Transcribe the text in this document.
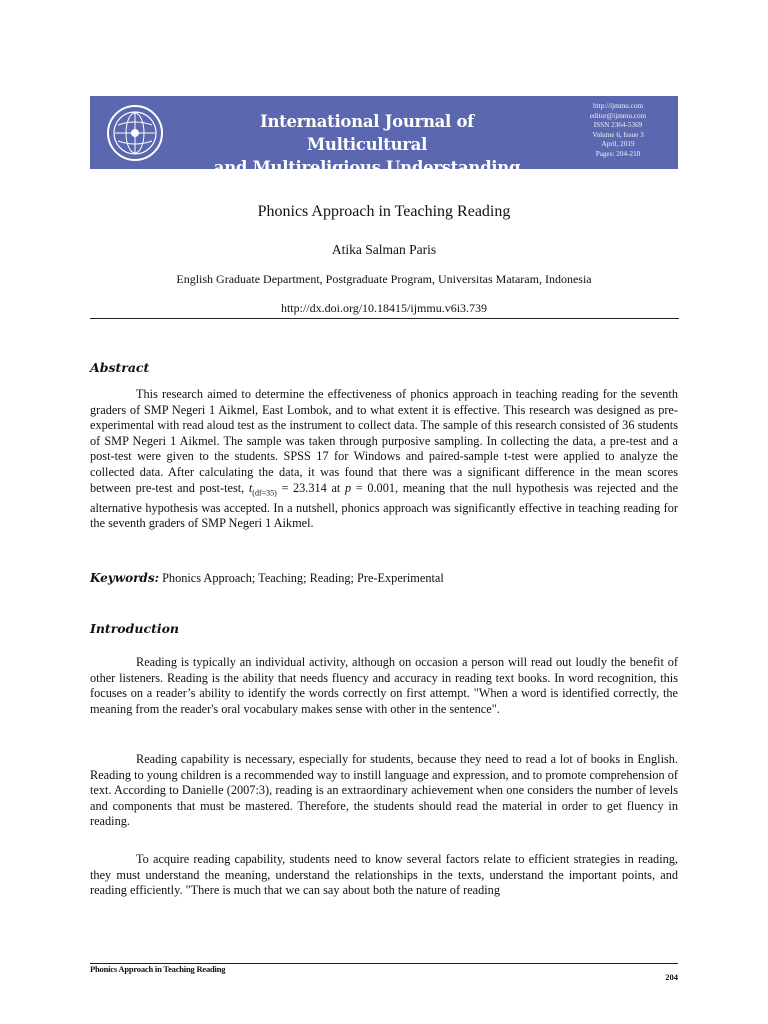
International Journal of Multicultural
and Multireligious Understanding
http://ijmmu.com
editor@ijmmu.com
ISSN 2364-5369
Volume 6, Issue 3
April, 2019
Pages: 204-210
Phonics Approach in Teaching Reading
Atika Salman Paris
English Graduate Department, Postgraduate Program, Universitas Mataram, Indonesia
http://dx.doi.org/10.18415/ijmmu.v6i3.739
Abstract

This research aimed to determine the effectiveness of phonics approach in teaching reading for the seventh graders of SMP Negeri 1 Aikmel, East Lombok, and to what extent it is effective. This research was designed as pre-experimental with read aloud test as the instrument to collect data. The sample of this research consisted of 36 students of SMP Negeri 1 Aikmel. The sample was taken through purposive sampling. In collecting the data, a pre-test and a post-test were given to the students. SPSS 17 for Windows and paired-sample t-test were applied to analyze the collected data. After calculating the data, it was found that there was a significant difference in the mean scores between pre-test and post-test, $t_{(df=35)} = 23.314$ at p = 0.001, meaning that the null hypothesis was rejected and the alternative hypothesis was accepted. In a nutshell, phonics approach was significantly effective in teaching reading for the seventh graders of SMP Negeri 1 Aikmel.

Keywords: Phonics Approach; Teaching; Reading; Pre-Experimental
Introduction

Reading is typically an individual activity, although on occasion a person will read out loudly the benefit of other listeners. Reading is the ability that needs fluency and accuracy in reading text books. In word recognition, this focuses on a reader’s ability to identify the words correctly on first attempt. "When a word is identified correctly, the meaning from the reader's oral vocabulary makes sense with other in the sentence".

Reading capability is necessary, especially for students, because they need to read a lot of books in English. Reading to young children is a recommended way to instill language and expression, and to promote comprehension of text. According to Danielle (2007:3), reading is an extraordinary achievement when one considers the number of levels and components that must be mastered. Therefore, the students should read the material in order to get fluency in reading.

To acquire reading capability, students need to know several factors relate to efficient strategies in reading, they must understand the meaning, understand the relationships in the texts, understand the important points, and reading efficiently. "There is much that we can say about both the nature of reading

Phonics Approach in Teaching Reading
204
